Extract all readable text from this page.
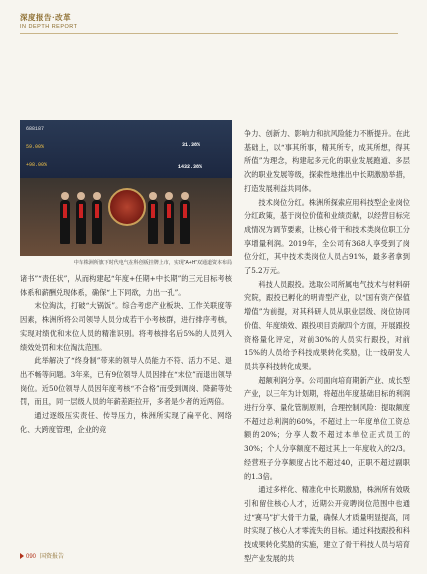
深度报告·改革
IN DEPTH REPORT
688187
59.00%
+98.00%
31.38%
1432.38%
中车株洲所旗下时代电气在科创板挂牌上市，实现“A+H”双通道资本布局

诸书”“责任状”，从而构建起“年度+任期+中长期”的三元目标考核体系和薪酬兑现体系，确保“上下同欲，力出一孔”。

末位淘汰，打破“大锅饭”。综合考虑产业板块、工作关联度等因素，株洲所将公司领导人员分成若干小考核群，进行排序考核，实现对绩优和末位人员的精准识别。将考核排名后5%的人员列入绩效处罚和末位淘汰范围。

此举解决了“终身制”带来的领导人员能力不符、活力不足、退出不畅等问题。3年来，已有9位领导人员因排在“末位”而退出领导岗位。近50位领导人员因年度考核“不合格”而受到调岗、降薪等处罚，而且，同一层级人员的年薪差距拉开，多者是少者的近两倍。

通过逐级压实责任、传导压力，株洲所实现了扁平化、网络化、大跨度管理，企业的竞

争力、创新力、影响力和抗风险能力不断提升。在此基础上，以“事其所事，精其所专，成其所想，得其所值”为理念，构建起多元化的职业发展跑道、多层次的职业发展等级，探索性地推出中长期激励举措，打造发展利益共同体。

技术岗位分红。株洲所探索应用科技型企业岗位分红政策，基于岗位价值和业绩贡献，以经营目标完成情况为调节要素，让核心骨干和技术类岗位职工分享增量利润。2019年，全公司有368人享受到了岗位分红，其中技术类岗位人员占91%，最多者拿到了5.2万元。

科技人员跟投。选取公司所属电气技术与材料研究院，跟投已孵化的明青型产业，以“国有资产保值增值”为前提，对其科研人员从职业层级、岗位协同价值、年度绩效、跟投项目贡献四个方面，开展跟投资格量化评定，对前30%的人员实行跟投，对前15%的人员给予科技成果转化奖励，让一线研发人员共享科技转化成果。

超额利润分享。公司面向培育期新产业、成长型产业，以三年为计划期，将超出年度基础目标的利润进行分享、量化管制原则，合理控制风险：提取额度不超过总利润的60%，不超过上一年度单位工资总额的20%；分享人数不超过本单位正式员工的30%；个人分享额度不超过其上一年度收入的2/3。经营班子分享额度占比不超过40，正职不超过副职的1.3倍。

通过多样化、精准化中长期激励，株洲所有效吸引和留住核心人才，近期公开竞聘岗位范围中也通过“赛马”扩大骨干力量，确保人才质量明显提高，同时实现了核心人才零流失的目标。通过科技跟投和科技成果转化奖励的实施，建立了骨干科技人员与培育型产业发展的共

090 国资报告
